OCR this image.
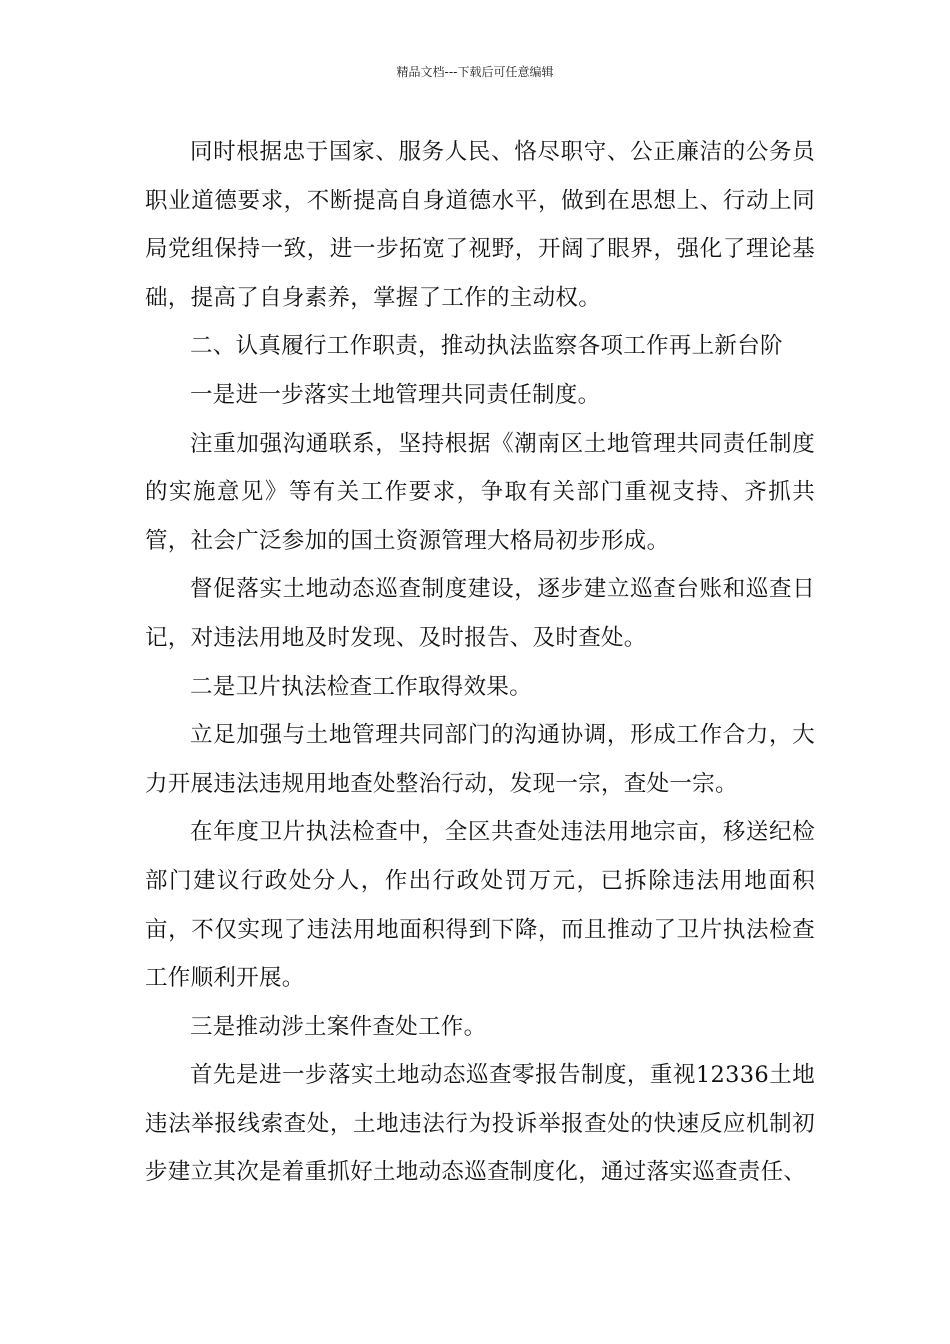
精品文档---下载后可任意编辑

同时根据忠于国家、服务人民、恪尽职守、公正廉洁的公务员职业道德要求，不断提高自身道德水平，做到在思想上、行动上同局党组保持一致，进一步拓宽了视野，开阔了眼界，强化了理论基础，提高了自身素养，掌握了工作的主动权。

二、认真履行工作职责，推动执法监察各项工作再上新台阶

一是进一步落实土地管理共同责任制度。

注重加强沟通联系，坚持根据《潮南区土地管理共同责任制度的实施意见》等有关工作要求，争取有关部门重视支持、齐抓共管，社会广泛参加的国土资源管理大格局初步形成。

督促落实土地动态巡查制度建设，逐步建立巡查台账和巡查日记，对违法用地及时发现、及时报告、及时查处。

二是卫片执法检查工作取得效果。

立足加强与土地管理共同部门的沟通协调，形成工作合力，大力开展违法违规用地查处整治行动，发现一宗，查处一宗。

在年度卫片执法检查中，全区共查处违法用地宗亩，移送纪检部门建议行政处分人，作出行政处罚万元，已拆除违法用地面积亩，不仅实现了违法用地面积得到下降，而且推动了卫片执法检查工作顺利开展。

三是推动涉土案件查处工作。

首先是进一步落实土地动态巡查零报告制度，重视12336土地违法举报线索查处，土地违法行为投诉举报查处的快速反应机制初步建立其次是着重抓好土地动态巡查制度化，通过落实巡查责任、
